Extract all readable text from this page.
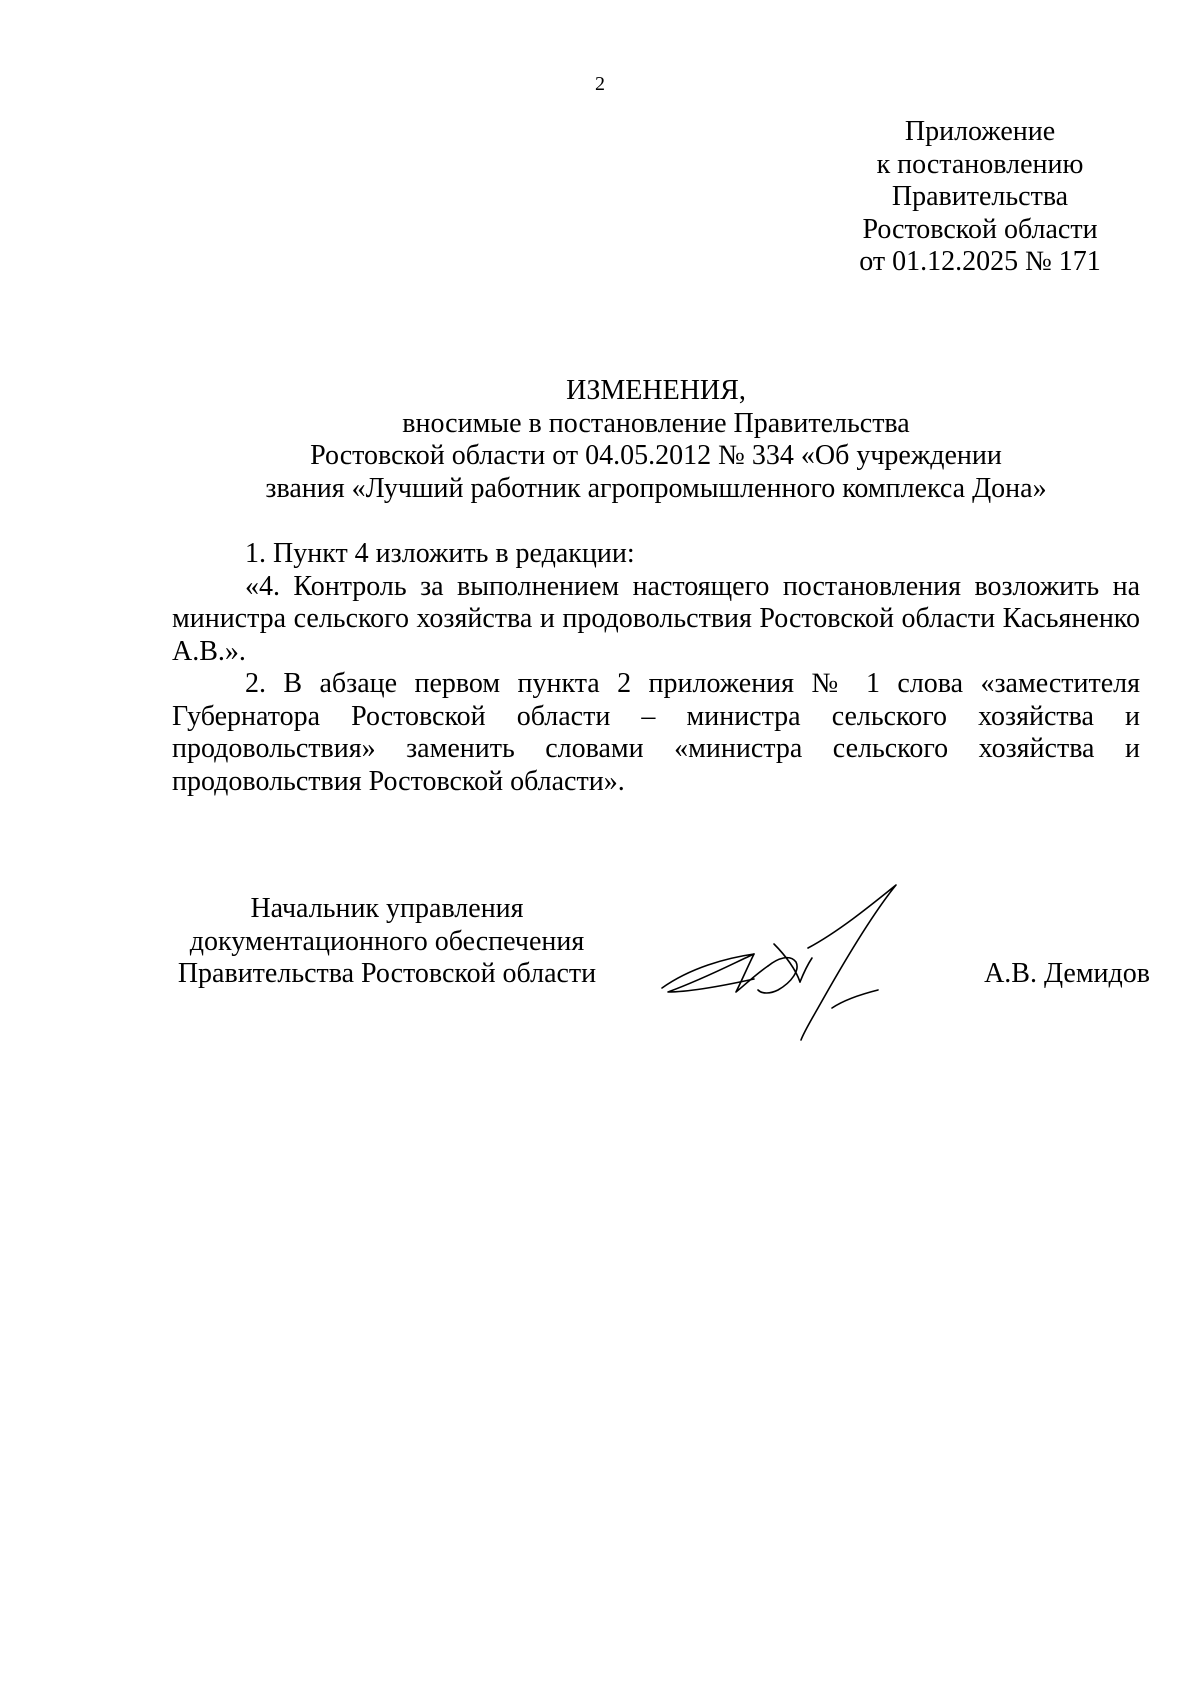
2
Приложение
к постановлению
Правительства
Ростовской области
от 01.12.2025 № 171
ИЗМЕНЕНИЯ,
вносимые в постановление Правительства
Ростовской области от 04.05.2012 № 334 «Об учреждении
звания «Лучший работник агропромышленного комплекса Дона»

1. Пункт 4 изложить в редакции:

«4. Контроль за выполнением настоящего постановления возложить на министра сельского хозяйства и продовольствия Ростовской области Касьяненко А.В.».

2. В абзаце первом пункта 2 приложения № 1 слова «заместителя Губернатора Ростовской области – министра сельского хозяйства и продовольствия» заменить словами «министра сельского хозяйства и продовольствия Ростовской области».

Начальник управления
документационного обеспечения
Правительства Ростовской области	А.В. Демидов
